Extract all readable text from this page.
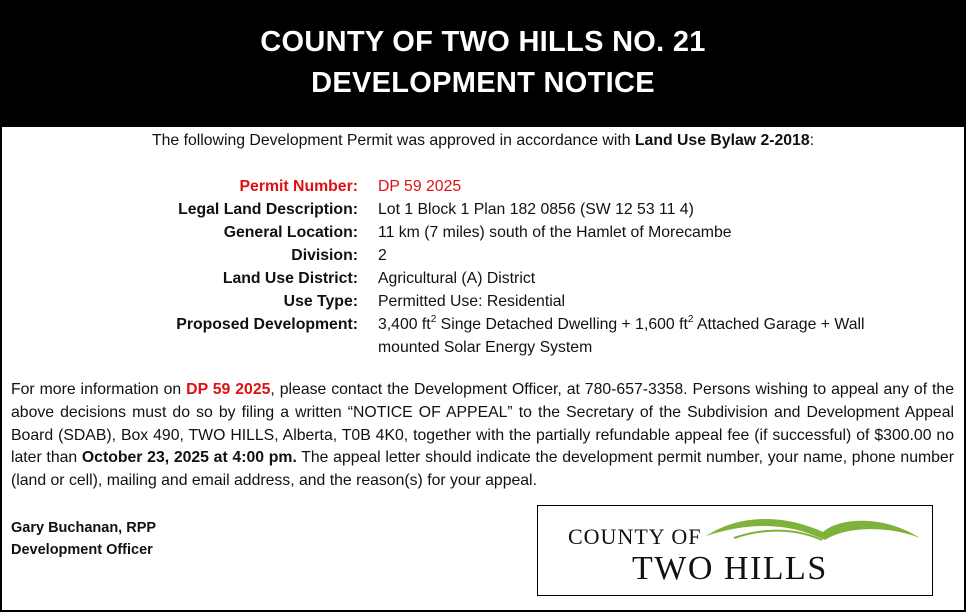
COUNTY OF TWO HILLS NO. 21
DEVELOPMENT NOTICE
The following Development Permit was approved in accordance with Land Use Bylaw 2-2018:
Permit Number: DP 59 2025
Legal Land Description: Lot 1 Block 1 Plan 182 0856 (SW 12 53 11 4)
General Location: 11 km (7 miles) south of the Hamlet of Morecambe
Division: 2
Land Use District: Agricultural (A) District
Use Type: Permitted Use: Residential
Proposed Development: 3,400 $ft^2$ Singe Detached Dwelling + 1,600 $ft^2$ Attached Garage + Wall mounted Solar Energy System
For more information on DP 59 2025, please contact the Development Officer, at 780-657-3358. Persons wishing to appeal any of the above decisions must do so by filing a written “NOTICE OF APPEAL” to the Secretary of the Subdivision and Development Appeal Board (SDAB), Box 490, TWO HILLS, Alberta, T0B 4K0, together with the partially refundable appeal fee (if successful) of $300.00 no later than October 23, 2025 at 4:00 pm. The appeal letter should indicate the development permit number, your name, phone number (land or cell), mailing and email address, and the reason(s) for your appeal.
Gary Buchanan, RPP
Development Officer
COUNTY OF
TWO HILLS
